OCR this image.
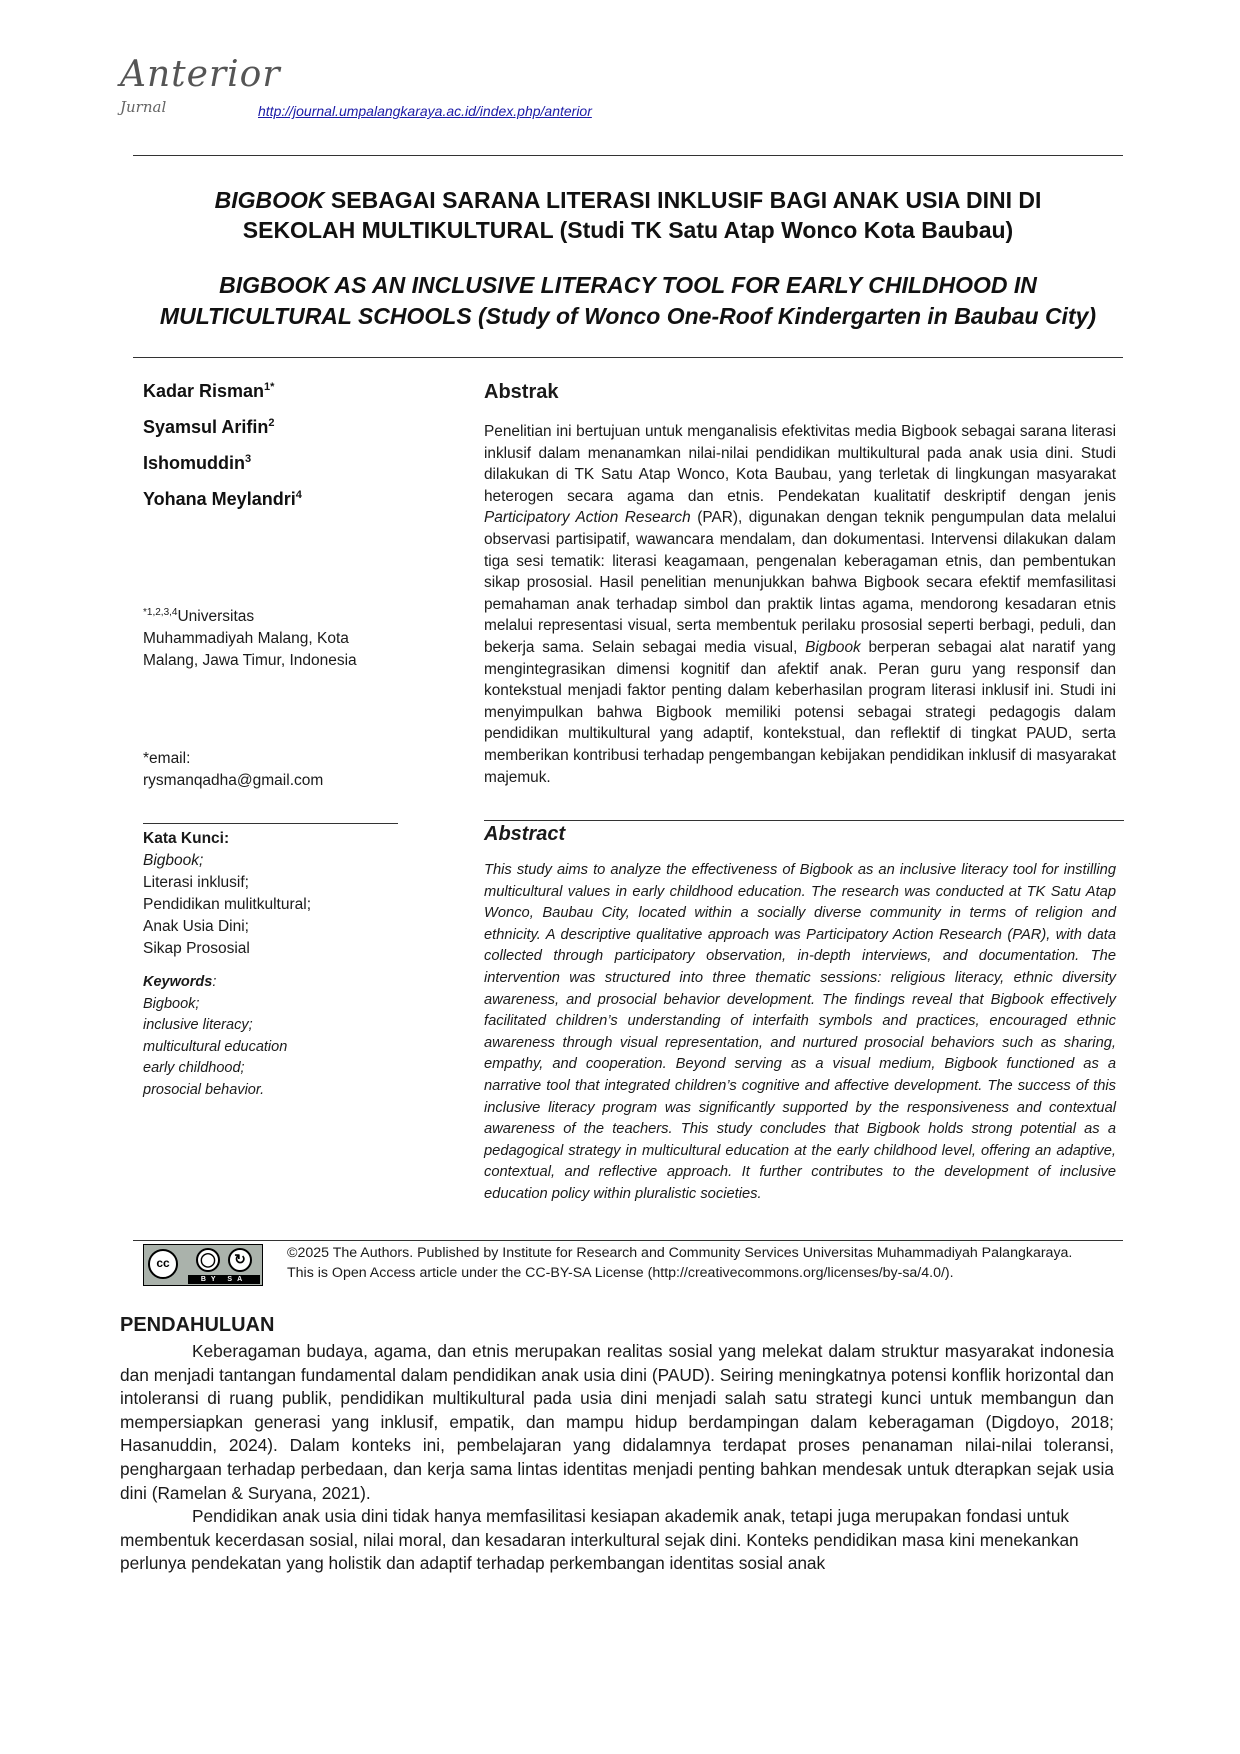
Anterior
Jurnal	http://journal.umpalangkaraya.ac.id/index.php/anterior
BIGBOOK SEBAGAI SARANA LITERASI INKLUSIF BAGI ANAK USIA DINI DI
SEKOLAH MULTIKULTURAL (Studi TK Satu Atap Wonco Kota Baubau)
BIGBOOK AS AN INCLUSIVE LITERACY TOOL FOR EARLY CHILDHOOD IN
MULTICULTURAL SCHOOLS (Study of Wonco One-Roof Kindergarten in Baubau City)
Kadar Risman$^{1*}$
Syamsul Arifin$^2$
Ishomuddin$^3$
Yohana Meylandri$^4$
$^{*1,2,3,4}$Universitas
Muhammadiyah Malang, Kota
Malang, Jawa Timur, Indonesia
*email:
rysmanqadha@gmail.com
Kata Kunci:
Bigbook;
Literasi inklusif;
Pendidikan mulitkultural;
Anak Usia Dini;
Sikap Prososial
Keywords:
Bigbook;
inclusive literacy;
multicultural education
early childhood;
prosocial behavior.
Abstrak
Penelitian ini bertujuan untuk menganalisis efektivitas media Bigbook sebagai sarana literasi inklusif dalam menanamkan nilai-nilai pendidikan multikultural pada anak usia dini. Studi dilakukan di TK Satu Atap Wonco, Kota Baubau, yang terletak di lingkungan masyarakat heterogen secara agama dan etnis. Pendekatan kualitatif deskriptif dengan jenis Participatory Action Research (PAR), digunakan dengan teknik pengumpulan data melalui observasi partisipatif, wawancara mendalam, dan dokumentasi. Intervensi dilakukan dalam tiga sesi tematik: literasi keagamaan, pengenalan keberagaman etnis, dan pembentukan sikap prososial. Hasil penelitian menunjukkan bahwa Bigbook secara efektif memfasilitasi pemahaman anak terhadap simbol dan praktik lintas agama, mendorong kesadaran etnis melalui representasi visual, serta membentuk perilaku prososial seperti berbagi, peduli, dan bekerja sama. Selain sebagai media visual, Bigbook berperan sebagai alat naratif yang mengintegrasikan dimensi kognitif dan afektif anak. Peran guru yang responsif dan kontekstual menjadi faktor penting dalam keberhasilan program literasi inklusif ini. Studi ini menyimpulkan bahwa Bigbook memiliki potensi sebagai strategi pedagogis dalam pendidikan multikultural yang adaptif, kontekstual, dan reflektif di tingkat PAUD, serta memberikan kontribusi terhadap pengembangan kebijakan pendidikan inklusif di masyarakat majemuk.
Abstract
This study aims to analyze the effectiveness of Bigbook as an inclusive literacy tool for instilling multicultural values in early childhood education. The research was conducted at TK Satu Atap Wonco, Baubau City, located within a socially diverse community in terms of religion and ethnicity. A descriptive qualitative approach was Participatory Action Research (PAR), with data collected through participatory observation, in-depth interviews, and documentation. The intervention was structured into three thematic sessions: religious literacy, ethnic diversity awareness, and prosocial behavior development. The findings reveal that Bigbook effectively facilitated children’s understanding of interfaith symbols and practices, encouraged ethnic awareness through visual representation, and nurtured prosocial behaviors such as sharing, empathy, and cooperation. Beyond serving as a visual medium, Bigbook functioned as a narrative tool that integrated children’s cognitive and affective development. The success of this inclusive literacy program was significantly supported by the responsiveness and contextual awareness of the teachers. This study concludes that Bigbook holds strong potential as a pedagogical strategy in multicultural education at the early childhood level, offering an adaptive, contextual, and reflective approach. It further contributes to the development of inclusive education policy within pluralistic societies.
cc	◯	↻
BY SA
©2025 The Authors. Published by Institute for Research and Community Services Universitas Muhammadiyah Palangkaraya.
This is Open Access article under the CC-BY-SA License (http://creativecommons.org/licenses/by-sa/4.0/).
PENDAHULUAN

Keberagaman budaya, agama, dan etnis merupakan realitas sosial yang melekat dalam struktur masyarakat indonesia dan menjadi tantangan fundamental dalam pendidikan anak usia dini (PAUD). Seiring meningkatnya potensi konflik horizontal dan intoleransi di ruang publik, pendidikan multikultural pada usia dini menjadi salah satu strategi kunci untuk membangun dan mempersiapkan generasi yang inklusif, empatik, dan mampu hidup berdampingan dalam keberagaman (Digdoyo, 2018; Hasanuddin, 2024). Dalam konteks ini, pembelajaran yang didalamnya terdapat proses penanaman nilai-nilai toleransi, penghargaan terhadap perbedaan, dan kerja sama lintas identitas menjadi penting bahkan mendesak untuk dterapkan sejak usia dini (Ramelan & Suryana, 2021).

Pendidikan anak usia dini tidak hanya memfasilitasi kesiapan akademik anak, tetapi juga merupakan fondasi untuk membentuk kecerdasan sosial, nilai moral, dan kesadaran interkultural sejak dini. Konteks pendidikan masa kini menekankan perlunya pendekatan yang holistik dan adaptif terhadap perkembangan identitas sosial anak
